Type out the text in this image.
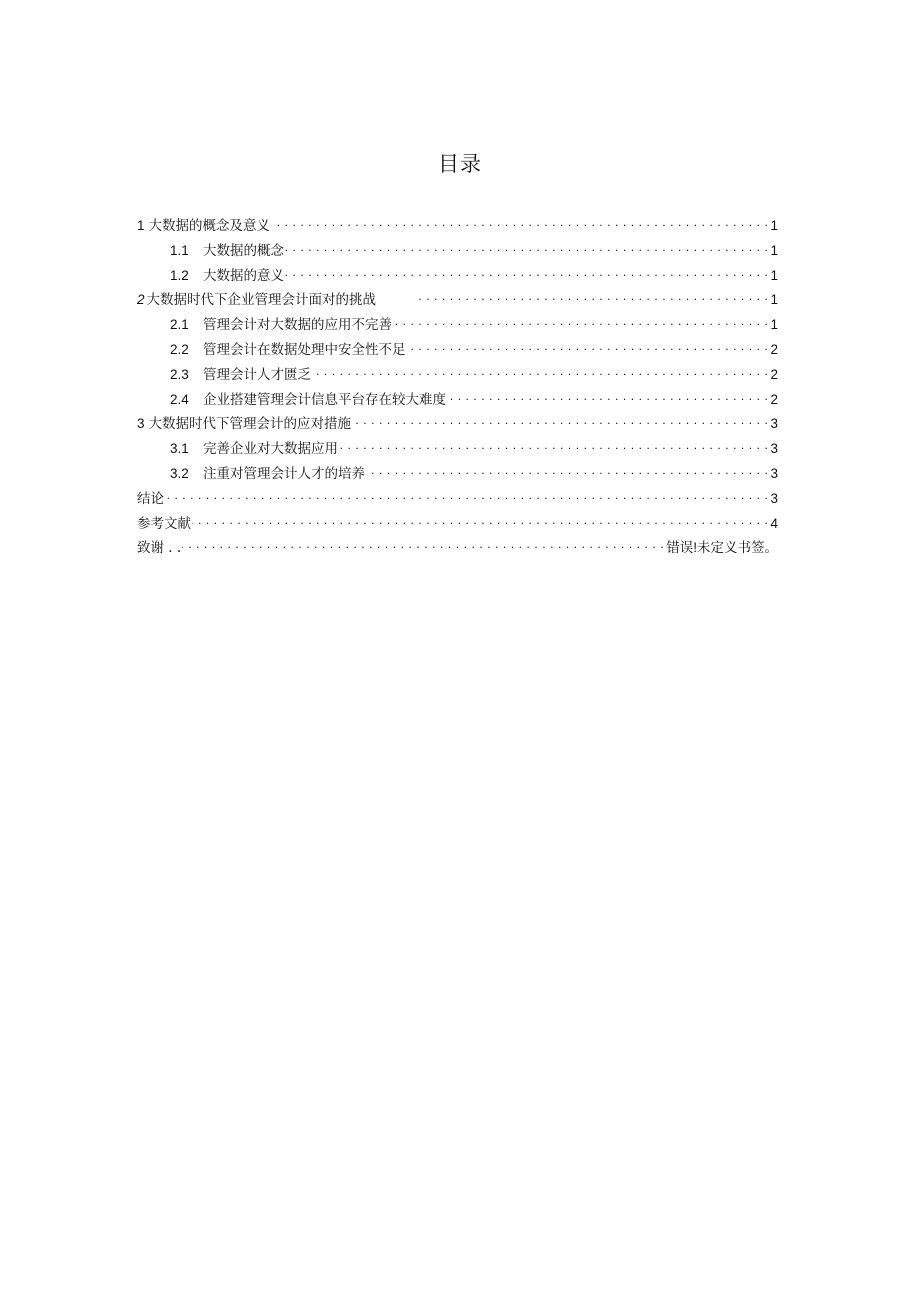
目录
1 大数据的概念及意义 . . .	1
1.1	大数据的概念 . . .	1
1.2	大数据的意义 . . .	1
2 大数据时代下企业管理会计面对的挑战 . . .	1
2.1	管理会计对大数据的应用不完善 . . .	1
2.2	管理会计在数据处理中安全性不足 . . .	2
2.3	管理会计人才匮乏 . . .	2
2.4	企业搭建管理会计信息平台存在较大难度 . . .	2
3 大数据时代下管理会计的应对措施 . . .	3
3.1	完善企业对大数据应用 . . .	3
3.2	注重对管理会计人才的培养 . . .	3
结论 . . .	3
参考文献 . . .	4
致谢 . . . . .	错误!未定义书签。
